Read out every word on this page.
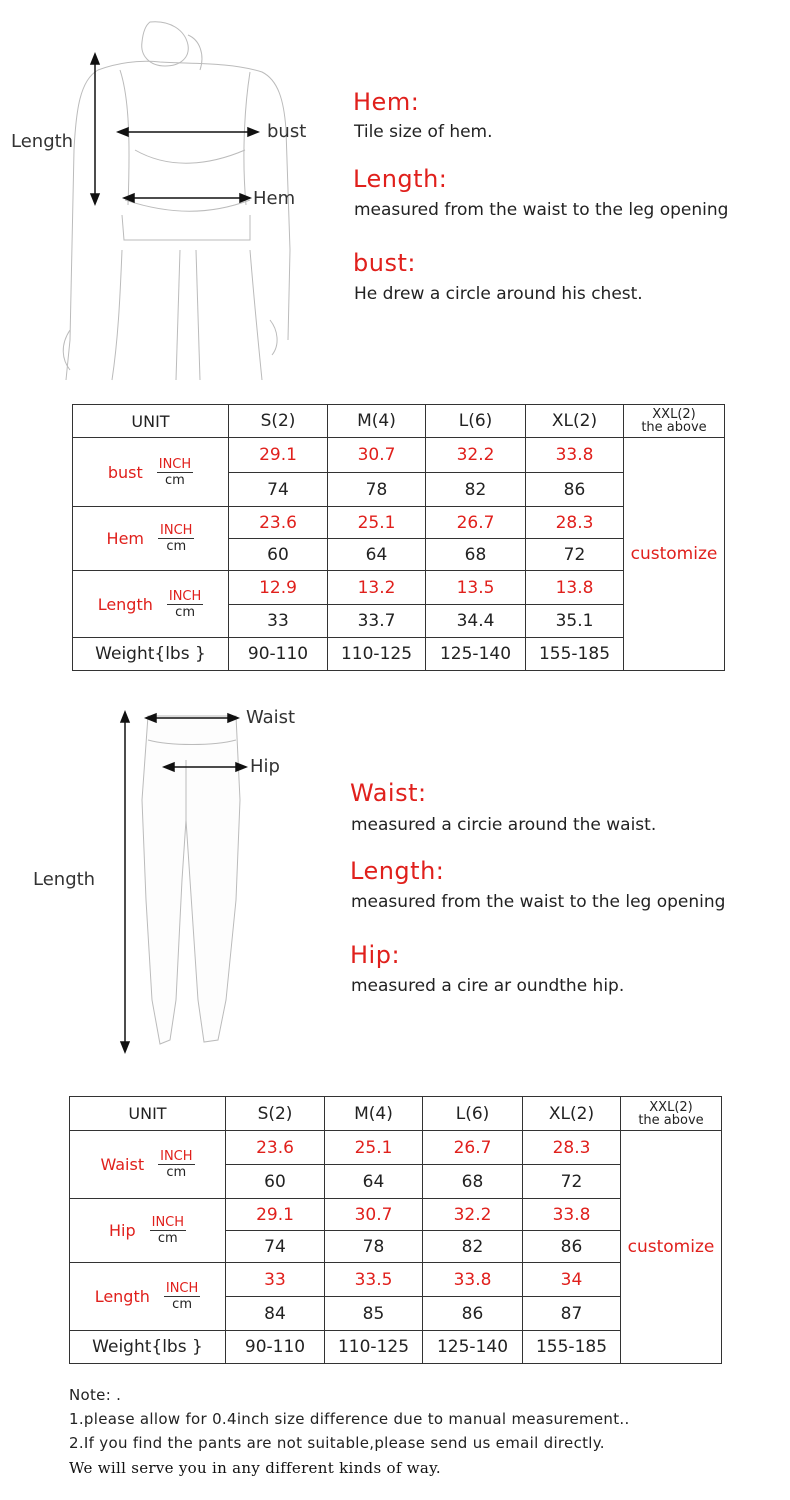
Length	bust
Hem
Hem:
Tile size of hem.
Length:
measured from the waist to the leg opening
bust:
He drew a circle around his chest.
UNIT	S(2)	M(4)	L(6)	XL(2)	XXL(2)
the above

bust $\frac{\text{INCH}}{cm}$	29.1	30.7	32.2	33.8	customize
	74	78	82	86	

Hem $\frac{\text{INCH}}{cm}$	23.6	25.1	26.7	28.3	
	60	64	68	72	

Length $\frac{\text{INCH}}{cm}$	12.9	13.2	13.5	13.8	
	33	33.7	34.4	35.1	
Weight{lbs }	90-110	110-125	125-140	155-185	
Waist
Hip
Length
Waist:
measured a circie around the waist.
Length:
measured from the waist to the leg opening
Hip:
measured a cire ar oundthe hip.
UNIT	S(2)	M(4)	L(6)	XL(2)	XXL(2)
the above

Waist $\frac{\text{INCH}}{cm}$	23.6	25.1	26.7	28.3	customize
	60	64	68	72	

Hip $\frac{\text{INCH}}{cm}$	29.1	30.7	32.2	33.8	
	74	78	82	86	

Length $\frac{\text{INCH}}{cm}$	33	33.5	33.8	34	
	84	85	86	87	
Weight{lbs }	90-110	110-125	125-140	155-185	
Note: .
1.please allow for 0.4inch size difference due to manual measurement..
2.If you find the pants are not suitable,please send us email directly.
We will serve you in any different kinds of way.
